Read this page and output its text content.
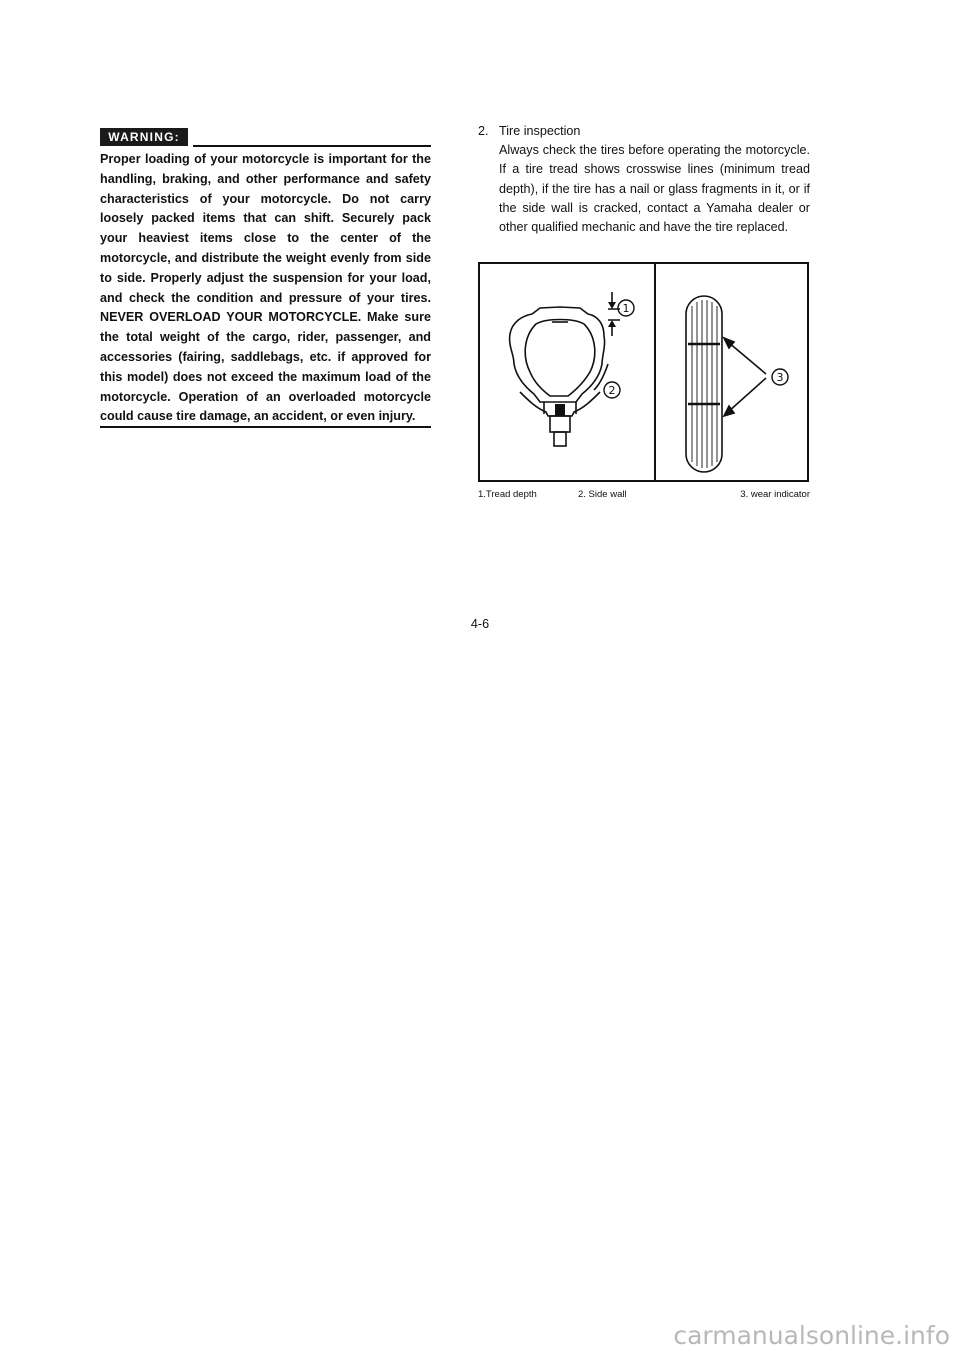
WARNING:

Proper loading of your motorcycle is important for the handling, braking, and other performance and safety characteristics of your motorcycle. Do not carry loosely packed items that can shift. Securely pack your heaviest items close to the center of the motorcycle, and distribute the weight evenly from side to side. Properly adjust the suspension for your load, and check the condition and pressure of your tires. NEVER OVERLOAD YOUR MOTORCYCLE. Make sure the total weight of the cargo, rider, passenger, and accessories (fairing, saddlebags, etc. if approved for this model) does not exceed the maximum load of the motorcycle. Operation of an overloaded motorcycle could cause tire damage, an accident, or even injury.

2. Tire inspection

Always check the tires before operating the motorcycle. If a tire tread shows crosswise lines (minimum tread depth), if the tire has a nail or glass fragments in it, or if the side wall is cracked, contact a Yamaha dealer or other qualified mechanic and have the tire replaced.

1
2
3
1.Tread depth	2. Side wall	3. wear indicator
4-6
carmanualsonline.info
